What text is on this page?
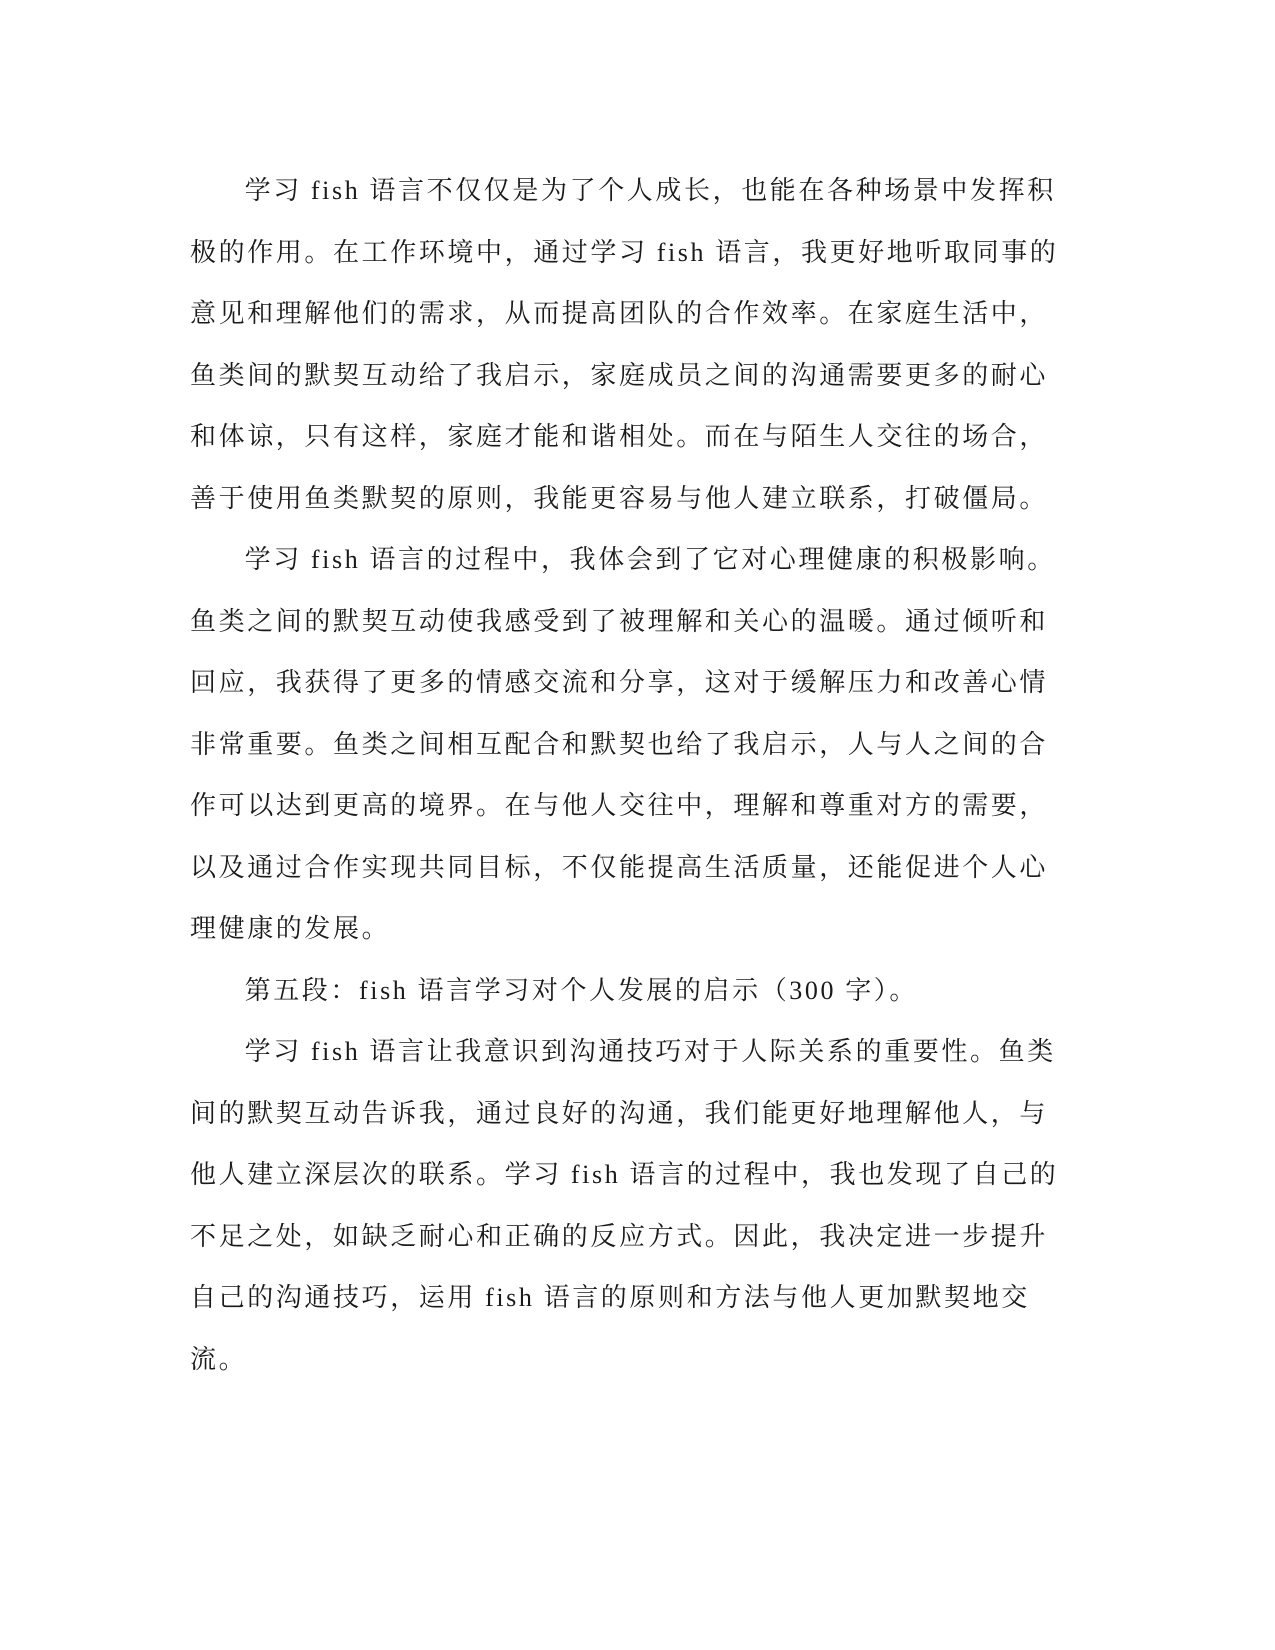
学习 fish 语言不仅仅是为了个人成长，也能在各种场景中发挥积极的作用。在工作环境中，通过学习 fish 语言，我更好地听取同事的意见和理解他们的需求，从而提高团队的合作效率。在家庭生活中，鱼类间的默契互动给了我启示，家庭成员之间的沟通需要更多的耐心和体谅，只有这样，家庭才能和谐相处。而在与陌生人交往的场合，善于使用鱼类默契的原则，我能更容易与他人建立联系，打破僵局。

学习 fish 语言的过程中，我体会到了它对心理健康的积极影响。鱼类之间的默契互动使我感受到了被理解和关心的温暖。通过倾听和回应，我获得了更多的情感交流和分享，这对于缓解压力和改善心情非常重要。鱼类之间相互配合和默契也给了我启示，人与人之间的合作可以达到更高的境界。在与他人交往中，理解和尊重对方的需要，以及通过合作实现共同目标，不仅能提高生活质量，还能促进个人心理健康的发展。

第五段：fish 语言学习对个人发展的启示（300 字）。

学习 fish 语言让我意识到沟通技巧对于人际关系的重要性。鱼类间的默契互动告诉我，通过良好的沟通，我们能更好地理解他人，与他人建立深层次的联系。学习 fish 语言的过程中，我也发现了自己的不足之处，如缺乏耐心和正确的反应方式。因此，我决定进一步提升自己的沟通技巧，运用 fish 语言的原则和方法与他人更加默契地交流。
